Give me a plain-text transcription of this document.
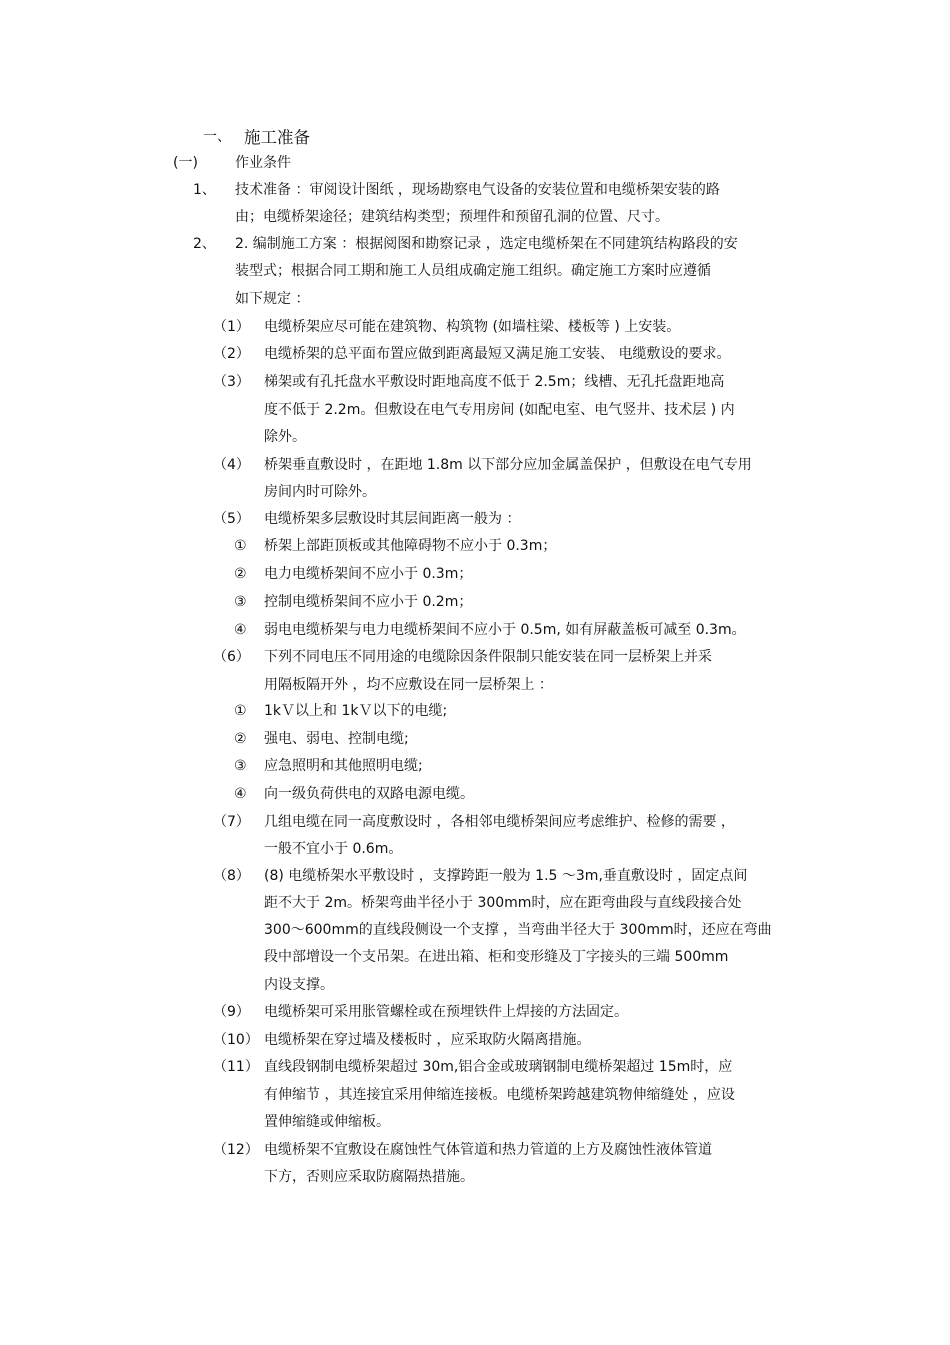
一、 施工准备
(一)	作业条件
1、 技术准备 ：审阅设计图纸 ，现场勘察电气设备的安装位置和电缆桥架安装的路
由；电缆桥架途径；建筑结构类型；预埋件和预留孔洞的位置、尺寸。
2、 2. 编制施工方案 ：根据阅图和勘察记录 ，选定电缆桥架在不同建筑结构路段的安
装型式；根据合同工期和施工人员组成确定施工组织。确定施工方案时应遵循
如下规定 ：
（1） 电缆桥架应尽可能在建筑物、构筑物 (如墙柱梁、楼板等 ) 上安装。
（2） 电缆桥架的总平面布置应做到距离最短又满足施工安装、 电缆敷设的要求。
（3） 梯架或有孔托盘水平敷设时距地高度不低于 2.5m；线槽、无孔托盘距地高
度不低于 2.2m。但敷设在电气专用房间 (如配电室、电气竖井、技术层 ) 内
除外。
（4） 桥架垂直敷设时 ，在距地 1.8m 以下部分应加金属盖保护 ，但敷设在电气专用
房间内时可除外。
（5） 电缆桥架多层敷设时其层间距离一般为 ：
① 桥架上部距顶板或其他障碍物不应小于 0.3m；
② 电力电缆桥架间不应小于 0.3m；
③ 控制电缆桥架间不应小于 0.2m；
④ 弱电电缆桥架与电力电缆桥架间不应小于 0.5m, 如有屏蔽盖板可减至 0.3m。
（6） 下列不同电压不同用途的电缆除因条件限制只能安装在同一层桥架上并采
用隔板隔开外 ，均不应敷设在同一层桥架上 ：
① 1kＶ以上和 1kＶ以下的电缆;
② 强电、弱电、控制电缆;
③ 应急照明和其他照明电缆;
④ 向一级负荷供电的双路电源电缆。
（7） 几组电缆在同一高度敷设时 ，各相邻电缆桥架间应考虑维护、检修的需要 ，
一般不宜小于 0.6m。
（8） (8) 电缆桥架水平敷设时 ，支撑跨距一般为 1.5 ～3m,垂直敷设时 ，固定点间
距不大于 2m。桥架弯曲半径小于 300mm时，应在距弯曲段与直线段接合处
300～600mm的直线段侧设一个支撑 ，当弯曲半径大于 300mm时，还应在弯曲
段中部增设一个支吊架。在进出箱、柜和变形缝及丁字接头的三端 500mm
内设支撑。
（9） 电缆桥架可采用胀管螺栓或在预埋铁件上焊接的方法固定。
（10） 电缆桥架在穿过墙及楼板时 ，应采取防火隔离措施。
（11） 直线段钢制电缆桥架超过 30m,铝合金或玻璃钢制电缆桥架超过 15m时，应
有伸缩节 ，其连接宜采用伸缩连接板。电缆桥架跨越建筑物伸缩缝处 ，应设
置伸缩缝或伸缩板。
（12） 电缆桥架不宜敷设在腐蚀性气体管道和热力管道的上方及腐蚀性液体管道
下方，否则应采取防腐隔热措施。
